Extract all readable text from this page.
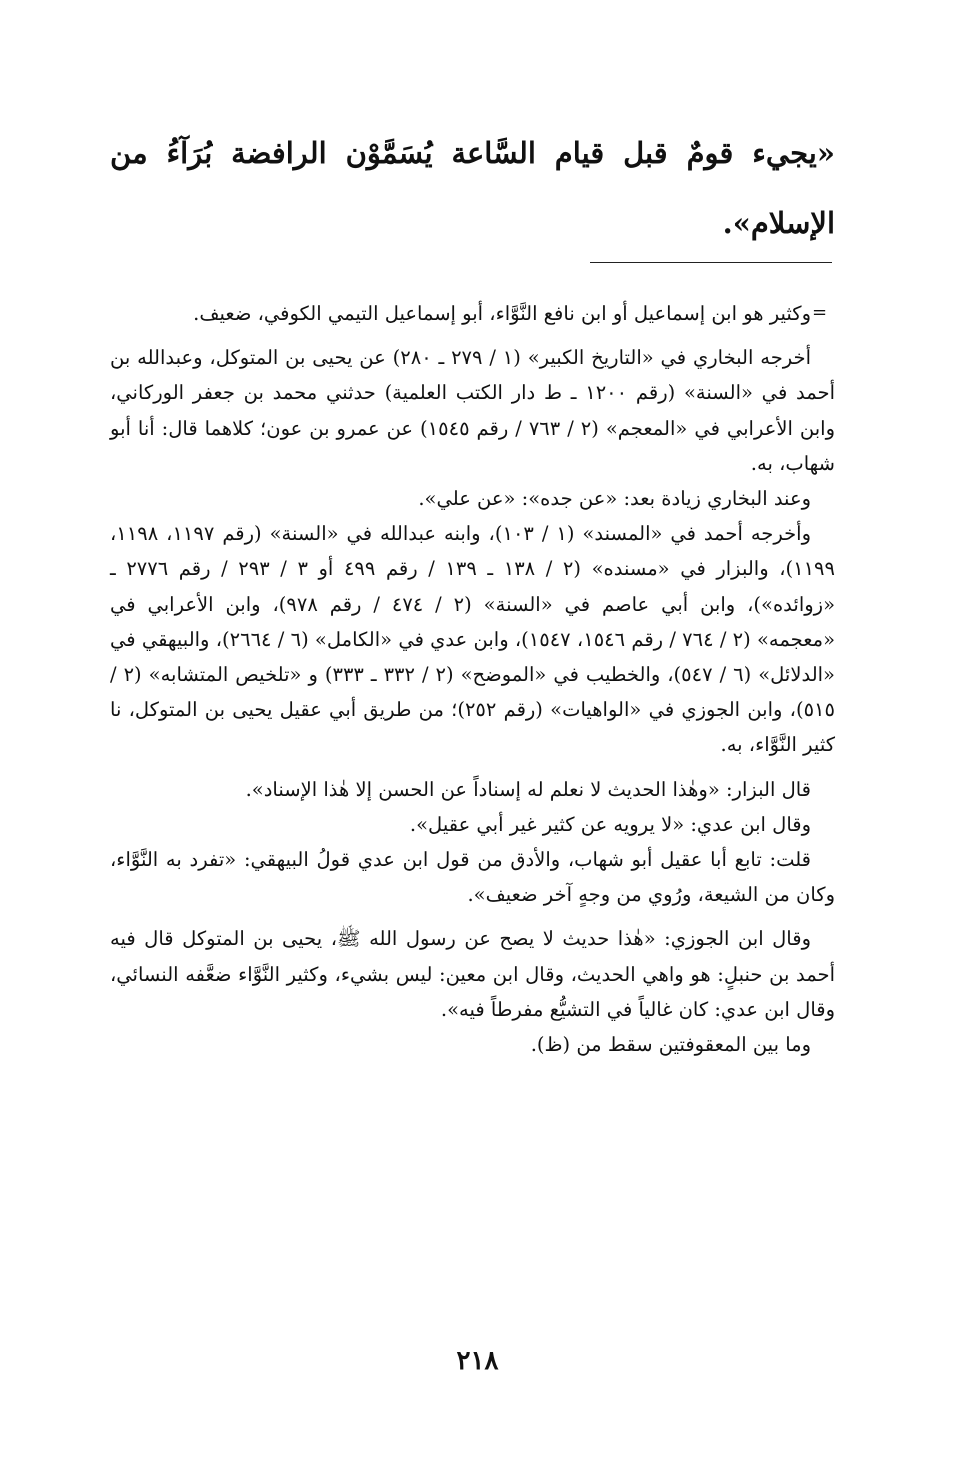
«يجيء قومٌ قبل قيام السَّاعة يُسَمَّوْن الرافضة بُرَآءُ من الإسلام».
=

وكثير هو ابن إسماعيل أو ابن نافع النَّوَّاء، أبو إسماعيل التيمي الكوفي، ضعيف.

أخرجه البخاري في «التاريخ الكبير» (١ / ٢٧٩ ـ ٢٨٠) عن يحيى بن المتوكل، وعبدالله بن أحمد في «السنة» (رقم ١٢٠٠ ـ ط دار الكتب العلمية) حدثني محمد بن جعفر الوركاني، وابن الأعرابي في «المعجم» (٢ / ٧٦٣ / رقم ١٥٤٥) عن عمرو بن عون؛ كلاهما قال: أنا أبو شهاب، به.

وعند البخاري زيادة بعد: «عن جده»: «عن علي».

وأخرجه أحمد في «المسند» (١ / ١٠٣)، وابنه عبدالله في «السنة» (رقم ١١٩٧، ١١٩٨، ١١٩٩)، والبزار في «مسنده» (٢ / ١٣٨ ـ ١٣٩ / رقم ٤٩٩ أو ٣ / ٢٩٣ / رقم ٢٧٧٦ ـ «زوائده»)، وابن أبي عاصم في «السنة» (٢ / ٤٧٤ / رقم ٩٧٨)، وابن الأعرابي في «معجمه» (٢ / ٧٦٤ / رقم ١٥٤٦، ١٥٤٧)، وابن عدي في «الكامل» (٦ / ٢٦٦٤)، والبيهقي في «الدلائل» (٦ / ٥٤٧)، والخطيب في «الموضح» (٢ / ٣٣٢ ـ ٣٣٣) و «تلخيص المتشابه» (٢ / ٥١٥)، وابن الجوزي في «الواهيات» (رقم ٢٥٢)؛ من طريق أبي عقيل يحيى بن المتوكل، نا كثير النَّوَّاء، به.

قال البزار: «وهٰذا الحديث لا نعلم له إسناداً عن الحسن إلا هٰذا الإسناد».

وقال ابن عدي: «لا يرويه عن كثير غير أبي عقيل».

قلت: تابع أبا عقيل أبو شهاب، والأدق من قول ابن عدي قولُ البيهقي: «تفرد به النَّوَّاء، وكان من الشيعة، ورُوي من وجهٍ آخر ضعيف».

وقال ابن الجوزي: «هٰذا حديث لا يصح عن رسول الله ﷺ، يحيى بن المتوكل قال فيه أحمد بن حنبلٍ: هو واهي الحديث، وقال ابن معين: ليس بشيء، وكثير النَّوَّاء ضعَّفه النسائي، وقال ابن عدي: كان غالياً في التشيُّع مفرطاً فيه».

وما بين المعقوفتين سقط من (ظ).

٢١٨
